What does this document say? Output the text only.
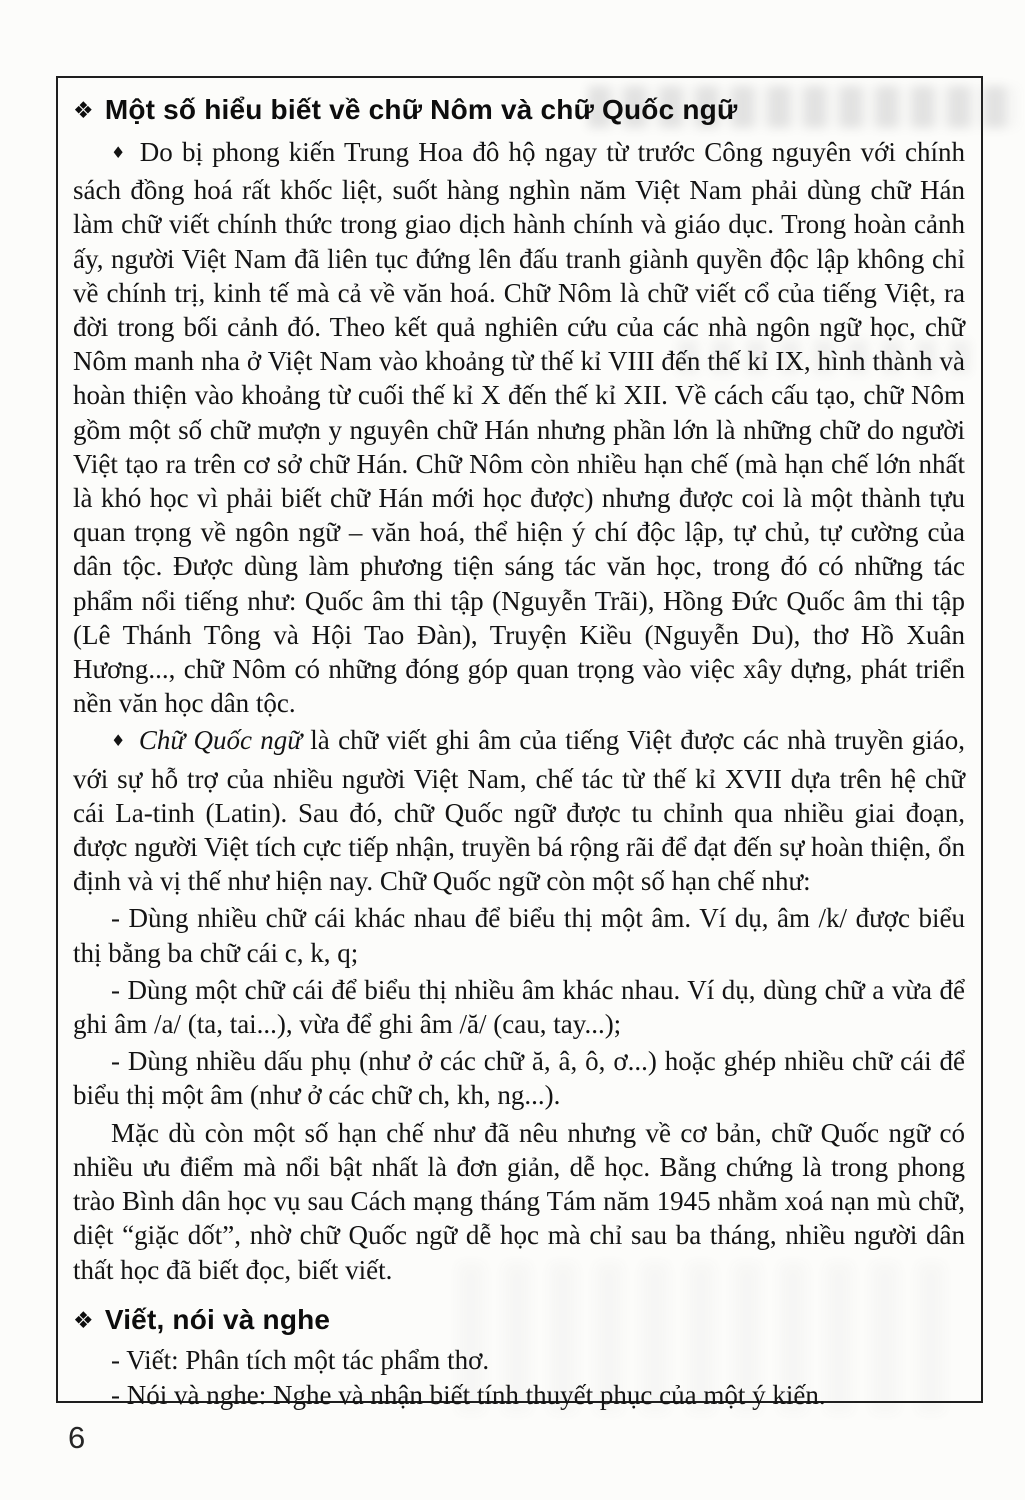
❖ Một số hiểu biết về chữ Nôm và chữ Quốc ngữ

♦ Do bị phong kiến Trung Hoa đô hộ ngay từ trước Công nguyên với chính sách đồng hoá rất khốc liệt, suốt hàng nghìn năm Việt Nam phải dùng chữ Hán làm chữ viết chính thức trong giao dịch hành chính và giáo dục. Trong hoàn cảnh ấy, người Việt Nam đã liên tục đứng lên đấu tranh giành quyền độc lập không chỉ về chính trị, kinh tế mà cả về văn hoá. Chữ Nôm là chữ viết cổ của tiếng Việt, ra đời trong bối cảnh đó. Theo kết quả nghiên cứu của các nhà ngôn ngữ học, chữ Nôm manh nha ở Việt Nam vào khoảng từ thế kỉ VIII đến thế kỉ IX, hình thành và hoàn thiện vào khoảng từ cuối thế kỉ X đến thế kỉ XII. Về cách cấu tạo, chữ Nôm gồm một số chữ mượn y nguyên chữ Hán nhưng phần lớn là những chữ do người Việt tạo ra trên cơ sở chữ Hán. Chữ Nôm còn nhiều hạn chế (mà hạn chế lớn nhất là khó học vì phải biết chữ Hán mới học được) nhưng được coi là một thành tựu quan trọng về ngôn ngữ – văn hoá, thể hiện ý chí độc lập, tự chủ, tự cường của dân tộc. Được dùng làm phương tiện sáng tác văn học, trong đó có những tác phẩm nổi tiếng như: Quốc âm thi tập (Nguyễn Trãi), Hồng Đức Quốc âm thi tập (Lê Thánh Tông và Hội Tao Đàn), Truyện Kiều (Nguyễn Du), thơ Hồ Xuân Hương..., chữ Nôm có những đóng góp quan trọng vào việc xây dựng, phát triển nền văn học dân tộc.

♦ Chữ Quốc ngữ là chữ viết ghi âm của tiếng Việt được các nhà truyền giáo, với sự hỗ trợ của nhiều người Việt Nam, chế tác từ thế kỉ XVII dựa trên hệ chữ cái La-tinh (Latin). Sau đó, chữ Quốc ngữ được tu chỉnh qua nhiều giai đoạn, được người Việt tích cực tiếp nhận, truyền bá rộng rãi để đạt đến sự hoàn thiện, ổn định và vị thế như hiện nay. Chữ Quốc ngữ còn một số hạn chế như:

- Dùng nhiều chữ cái khác nhau để biểu thị một âm. Ví dụ, âm /k/ được biểu thị bằng ba chữ cái c, k, q;

- Dùng một chữ cái để biểu thị nhiều âm khác nhau. Ví dụ, dùng chữ a vừa để ghi âm /a/ (ta, tai...), vừa để ghi âm /ă/ (cau, tay...);

- Dùng nhiều dấu phụ (như ở các chữ ă, â, ô, ơ...) hoặc ghép nhiều chữ cái để biểu thị một âm (như ở các chữ ch, kh, ng...).

Mặc dù còn một số hạn chế như đã nêu nhưng về cơ bản, chữ Quốc ngữ có nhiều ưu điểm mà nổi bật nhất là đơn giản, dễ học. Bằng chứng là trong phong trào Bình dân học vụ sau Cách mạng tháng Tám năm 1945 nhằm xoá nạn mù chữ, diệt “giặc dốt”, nhờ chữ Quốc ngữ dễ học mà chỉ sau ba tháng, nhiều người dân thất học đã biết đọc, biết viết.

❖ Viết, nói và nghe

- Viết: Phân tích một tác phẩm thơ.

- Nói và nghe: Nghe và nhận biết tính thuyết phục của một ý kiến.

6
